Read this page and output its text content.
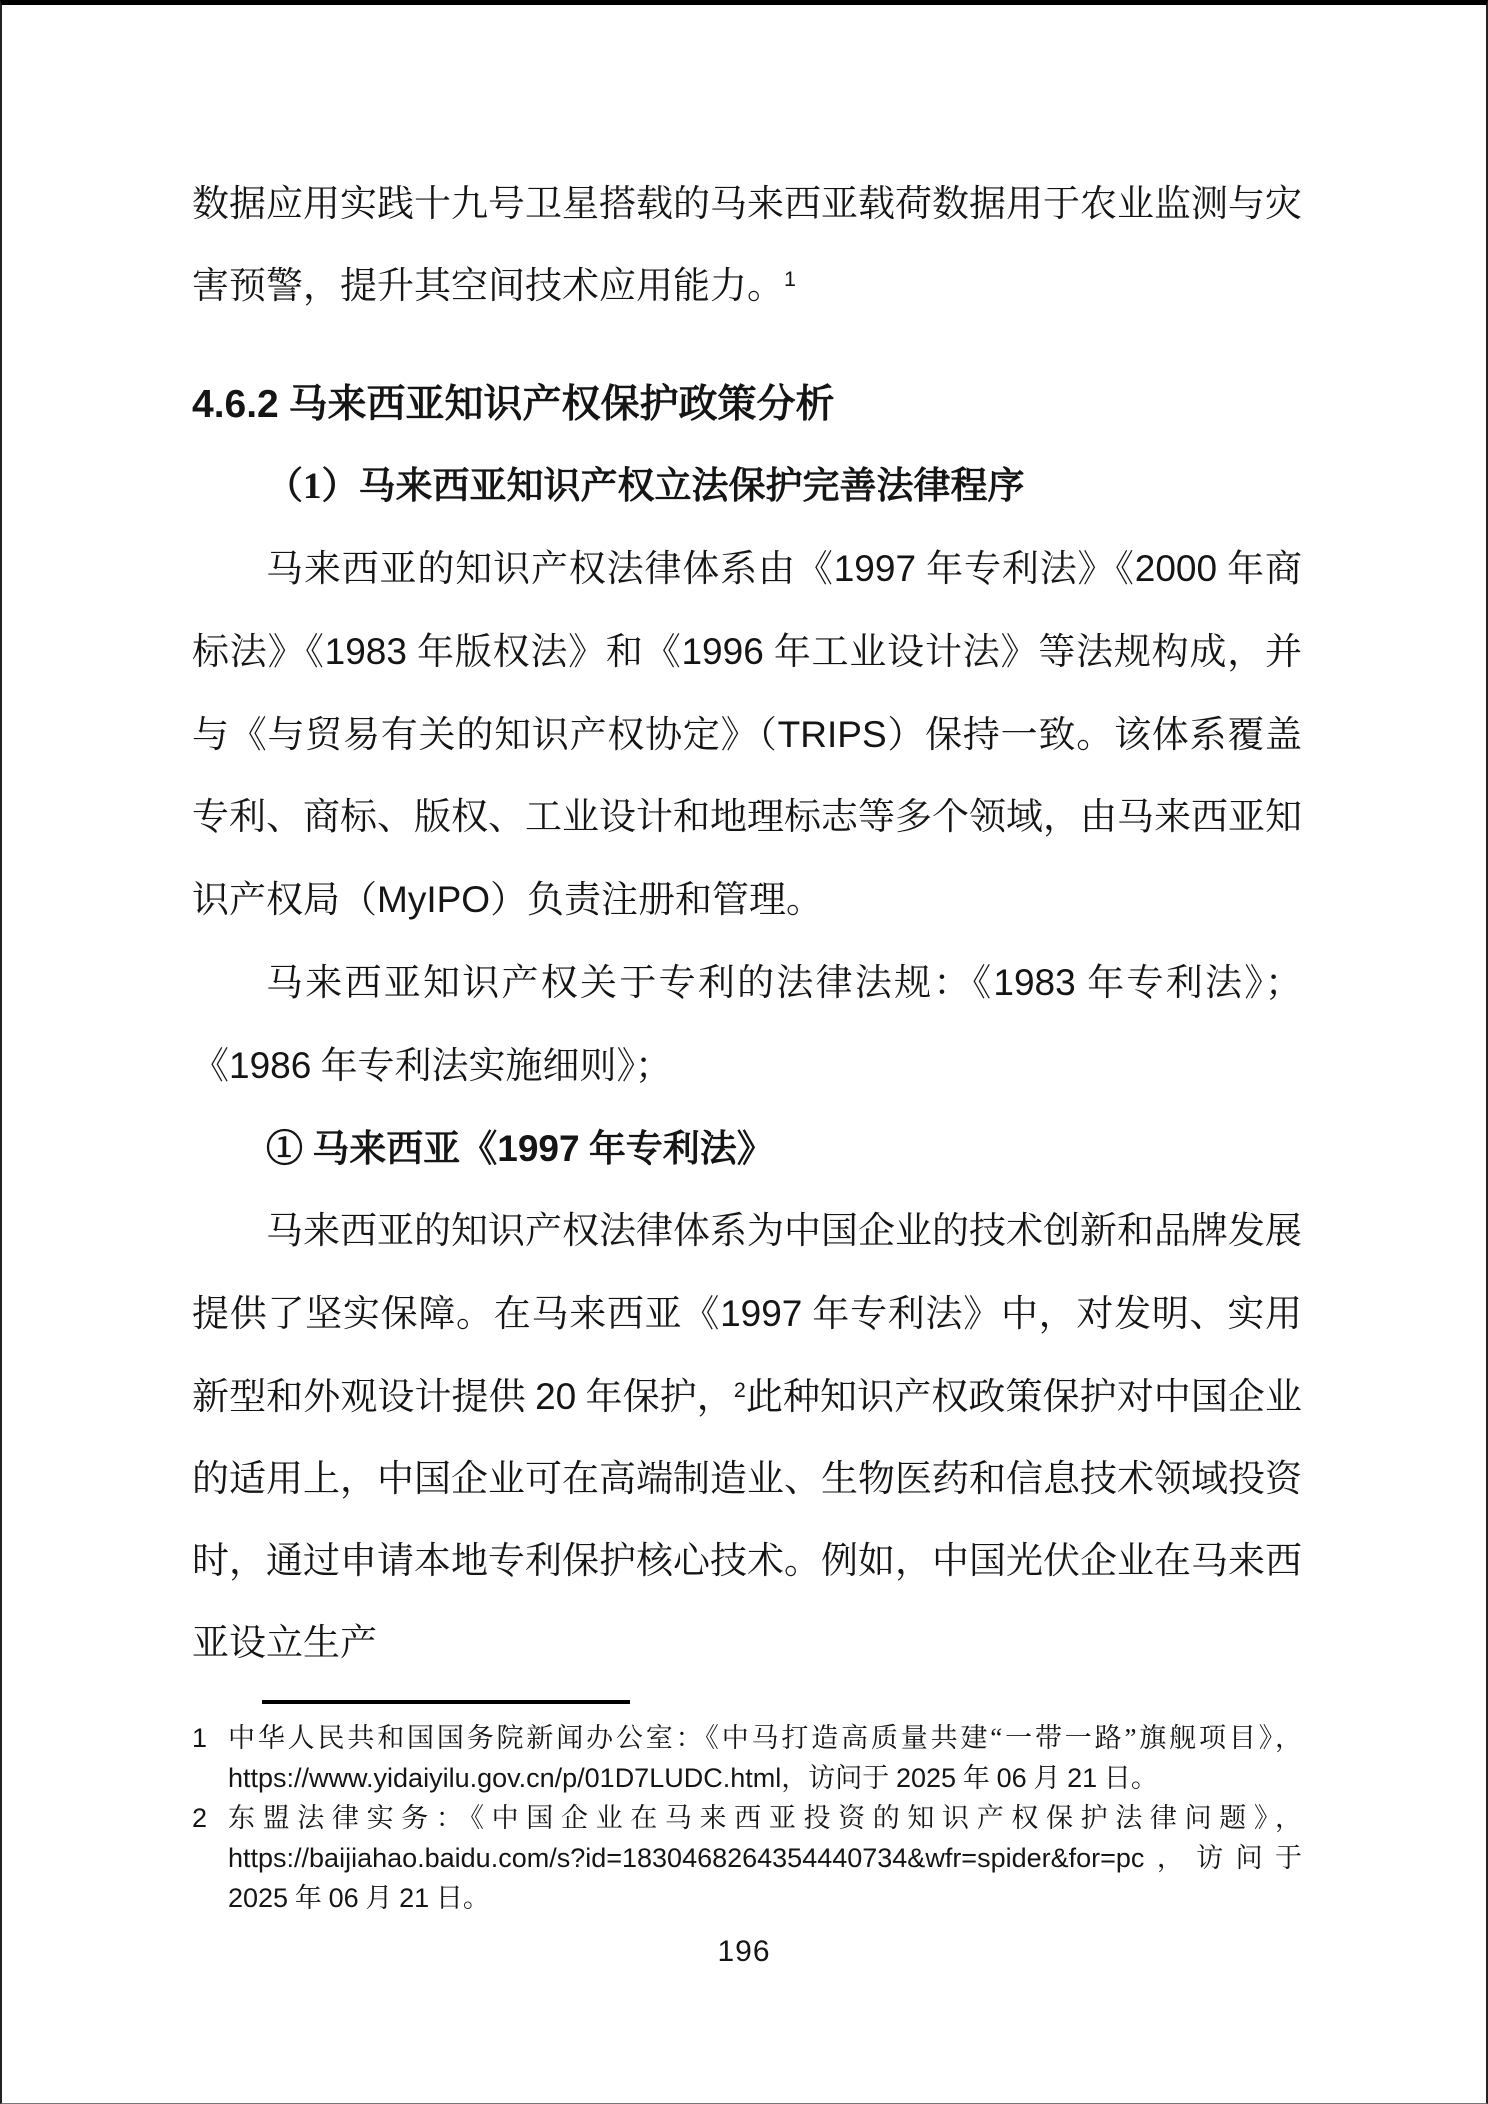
数据应用实践十九号卫星搭载的马来西亚载荷数据用于农业监测与灾害预警，提升其空间技术应用能力。$^1$
4.6.2 马来西亚知识产权保护政策分析
（1）马来西亚知识产权立法保护完善法律程序
马来西亚的知识产权法律体系由《1997 年专利法》《2000 年商标法》《1983 年版权法》和《1996 年工业设计法》等法规构成，并与《与贸易有关的知识产权协定》（TRIPS）保持一致。该体系覆盖专利、商标、版权、工业设计和地理标志等多个领域，由马来西亚知识产权局（MyIPO）负责注册和管理。
马来西亚知识产权关于专利的法律法规：《1983 年专利法》；《1986 年专利法实施细则》；
① 马来西亚《1997 年专利法》
马来西亚的知识产权法律体系为中国企业的技术创新和品牌发展提供了坚实保障。在马来西亚《1997 年专利法》中，对发明、实用新型和外观设计提供 20 年保护，$^2$此种知识产权政策保护对中国企业的适用上，中国企业可在高端制造业、生物医药和信息技术领域投资时，通过申请本地专利保护核心技术。例如，中国光伏企业在马来西亚设立生产
1 中华人民共和国国务院新闻办公室：《中马打造高质量共建“一带一路”旗舰项目》，https://www.yidaiyilu.gov.cn/p/01D7LUDC.html，访问于 2025 年 06 月 21 日。
2 东盟法律实务：《中国企业在马来西亚投资的知识产权保护法律问题》，https://baijiahao.baidu.com/s?id=1830468264354440734&wfr=spider&for=pc，访问于 2025 年 06 月 21 日。
196
